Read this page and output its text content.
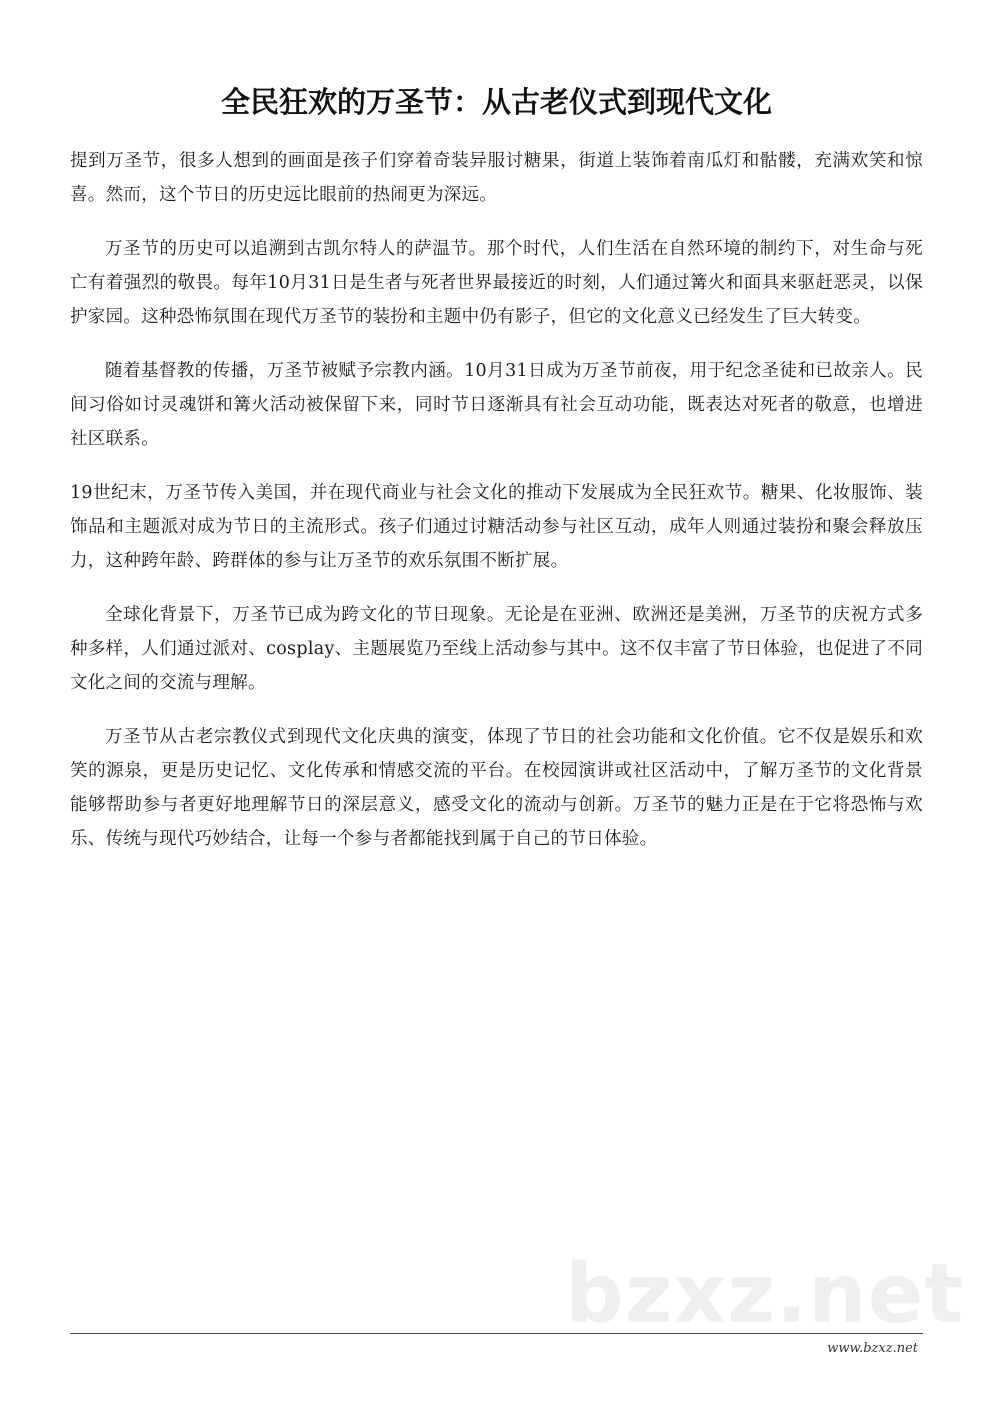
全民狂欢的万圣节：从古老仪式到现代文化

提到万圣节，很多人想到的画面是孩子们穿着奇装异服讨糖果，街道上装饰着南瓜灯和骷髅，充满欢笑和惊喜。然而，这个节日的历史远比眼前的热闹更为深远。

万圣节的历史可以追溯到古凯尔特人的萨温节。那个时代，人们生活在自然环境的制约下，对生命与死亡有着强烈的敬畏。每年10月31日是生者与死者世界最接近的时刻，人们通过篝火和面具来驱赶恶灵，以保护家园。这种恐怖氛围在现代万圣节的装扮和主题中仍有影子，但它的文化意义已经发生了巨大转变。

随着基督教的传播，万圣节被赋予宗教内涵。10月31日成为万圣节前夜，用于纪念圣徒和已故亲人。民间习俗如讨灵魂饼和篝火活动被保留下来，同时节日逐渐具有社会互动功能，既表达对死者的敬意，也增进社区联系。

19世纪末，万圣节传入美国，并在现代商业与社会文化的推动下发展成为全民狂欢节。糖果、化妆服饰、装饰品和主题派对成为节日的主流形式。孩子们通过讨糖活动参与社区互动，成年人则通过装扮和聚会释放压力，这种跨年龄、跨群体的参与让万圣节的欢乐氛围不断扩展。

全球化背景下，万圣节已成为跨文化的节日现象。无论是在亚洲、欧洲还是美洲，万圣节的庆祝方式多种多样，人们通过派对、cosplay、主题展览乃至线上活动参与其中。这不仅丰富了节日体验，也促进了不同文化之间的交流与理解。

万圣节从古老宗教仪式到现代文化庆典的演变，体现了节日的社会功能和文化价值。它不仅是娱乐和欢笑的源泉，更是历史记忆、文化传承和情感交流的平台。在校园演讲或社区活动中，了解万圣节的文化背景能够帮助参与者更好地理解节日的深层意义，感受文化的流动与创新。万圣节的魅力正是在于它将恐怖与欢乐、传统与现代巧妙结合，让每一个参与者都能找到属于自己的节日体验。

bzxz.net
www.bzxz.net
